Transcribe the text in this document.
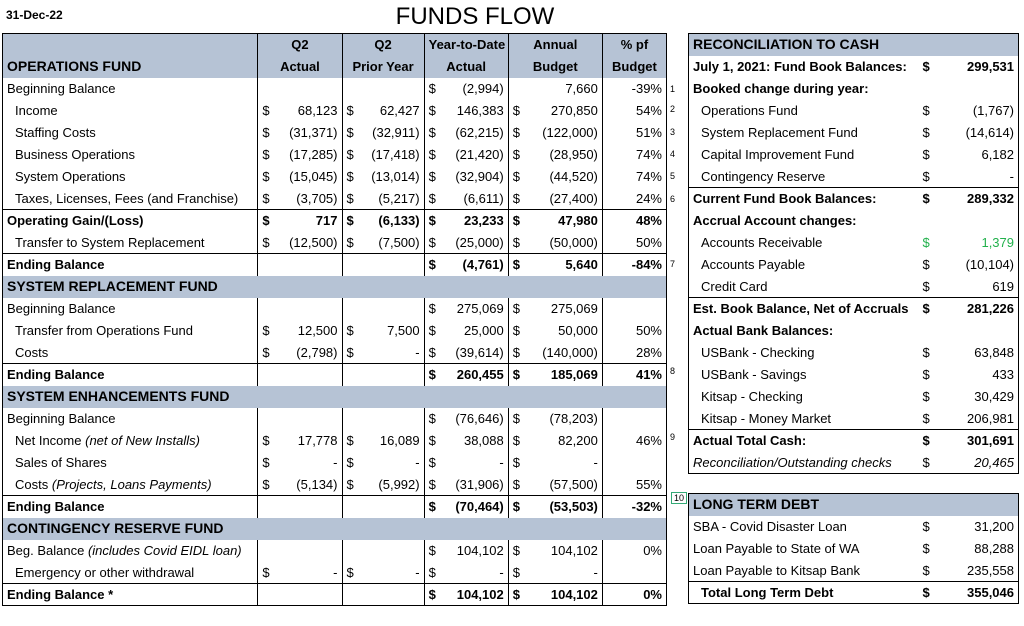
31-Dec-22	FUNDS FLOW
	Q2	Q2	Year-to-Date	Annual	% pf
OPERATIONS FUND	Actual	Prior Year	Actual	Budget	Budget
Beginning Balance			$ (2,994)	7,660	-39%
Income	$ 68,123	$ 62,427	$ 146,383	$ 270,850	54%
Staffing Costs	$ (31,371)	$ (32,911)	$ (62,215)	$ (122,000)	51%
Business Operations	$ (17,285)	$ (17,418)	$ (21,420)	$ (28,950)	74%
System Operations	$ (15,045)	$ (13,014)	$ (32,904)	$ (44,520)	74%
Taxes, Licenses, Fees (and Franchise)	$ (3,705)	$ (5,217)	$ (6,611)	$ (27,400)	24%
Operating Gain/(Loss)	$ 717	$ (6,133)	$ 23,233	$ 47,980	48%
Transfer to System Replacement	$ (12,500)	$ (7,500)	$ (25,000)	$ (50,000)	50%
Ending Balance			$ (4,761)	$ 5,640	-84%
SYSTEM REPLACEMENT FUND					
Beginning Balance			$ 275,069	$ 275,069	

Transfer from Operations Fund	$ 12,500	$ 7,500	$ 25,000	$ 50,000	50%
Costs	$ (2,798)	$ -	$ (39,614)	$ (140,000)	28%
Ending Balance			$ 260,455	$ 185,069	41%
SYSTEM ENHANCEMENTS FUND					
Beginning Balance			$ (76,646)	$ (78,203)	

Net Income (net of New Installs)	$ 17,778	$ 16,089	$ 38,088	$ 82,200	46%
Sales of Shares	$ -	$ -	$ -	$ -	

Costs (Projects, Loans Payments)	$ (5,134)	$ (5,992)	$ (31,906)	$ (57,500)	55%
Ending Balance			$ (70,464)	$ (53,503)	-32%
CONTINGENCY RESERVE FUND					
Beg. Balance (includes Covid EIDL loan)			$ 104,102	$ 104,102	0%
Emergency or other withdrawal	$ -	$ -	$ -	$ -	

Ending Balance *			$ 104,102	$ 104,102	0%
1
2
3
4
5
6
7
8
9
10
RECONCILIATION TO CASH		
July 1, 2021: Fund Book Balances:	$	299,531
Booked change during year:		
Operations Fund	$	(1,767)
System Replacement Fund	$	(14,614)
Capital Improvement Fund	$	6,182
Contingency Reserve	$	-
Current Fund Book Balances:	$	289,332
Accrual Account changes:		
Accounts Receivable	$	1,379
Accounts Payable	$	(10,104)
Credit Card	$	619
Est. Book Balance, Net of Accruals	$	281,226
Actual Bank Balances:		
USBank - Checking	$	63,848
USBank - Savings	$	433
Kitsap - Checking	$	30,429
Kitsap - Money Market	$	206,981
Actual Total Cash:	$	301,691
Reconciliation/Outstanding checks	$	20,465
LONG TERM DEBT		
SBA - Covid Disaster Loan	$	31,200
Loan Payable to State of WA	$	88,288
Loan Payable to Kitsap Bank	$	235,558
Total Long Term Debt	$	355,046
